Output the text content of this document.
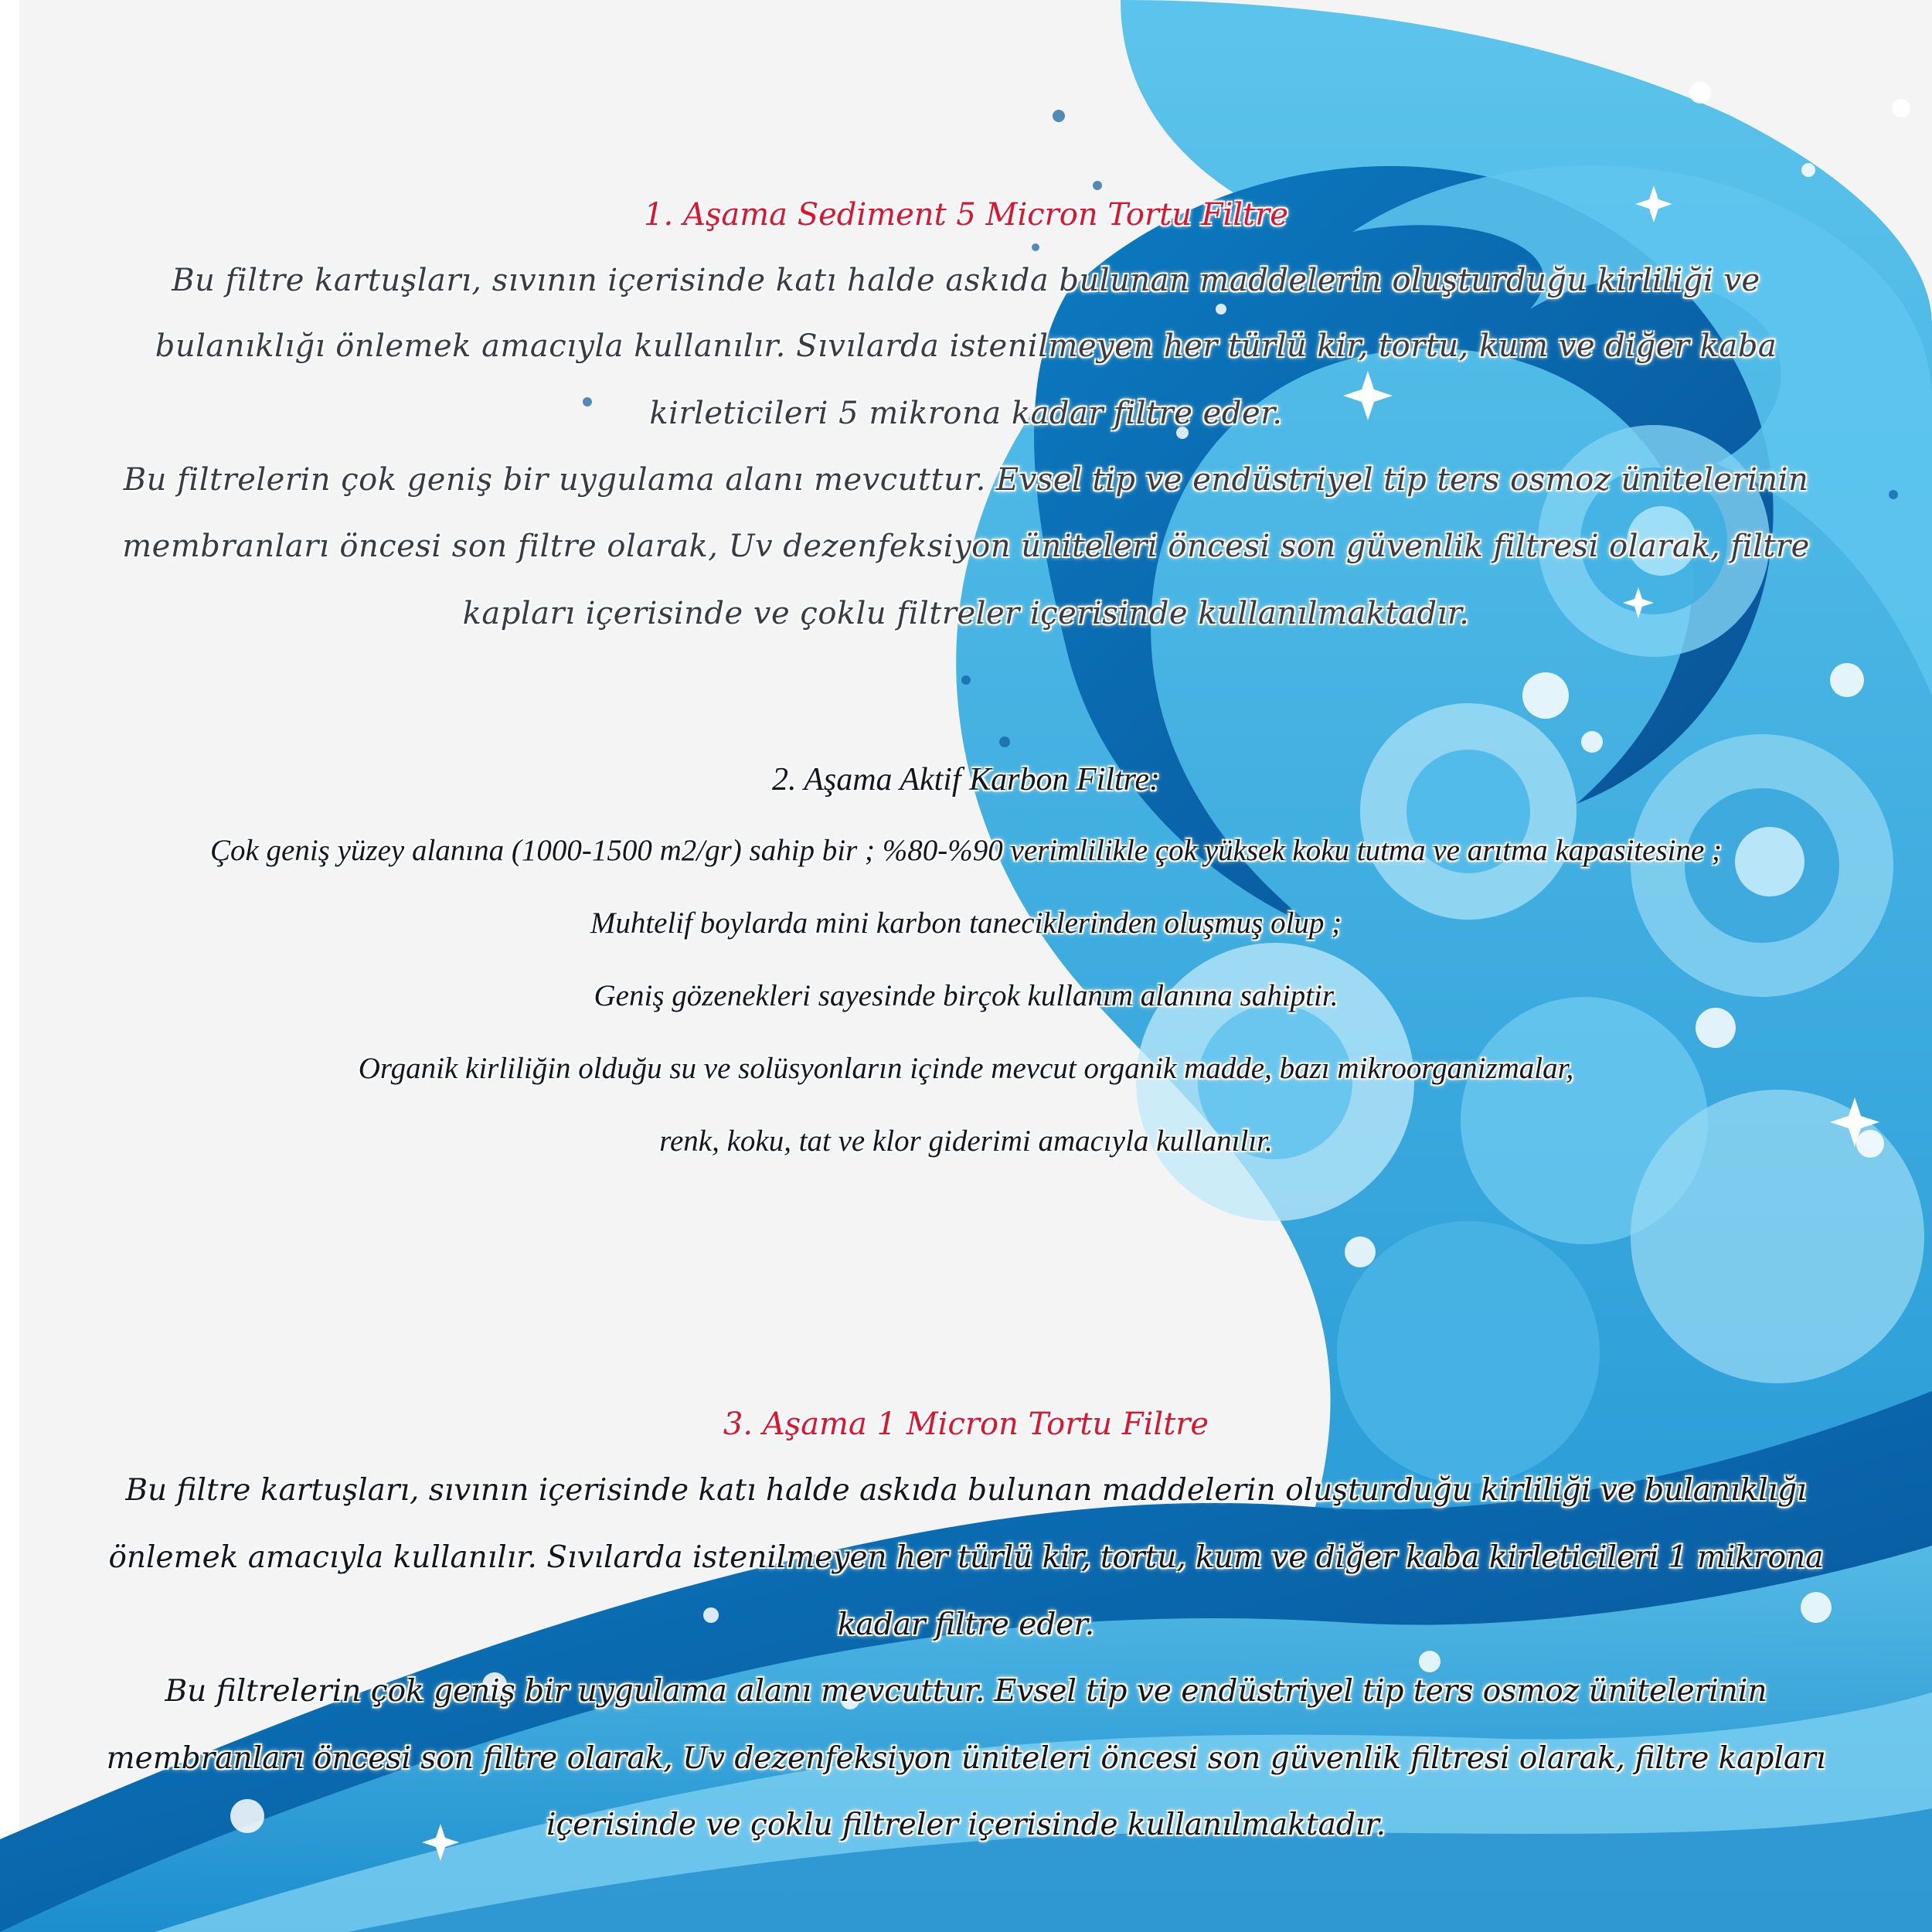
1. Aşama Sediment 5 Micron Tortu Filtre
Bu filtre kartuşları, sıvının içerisinde katı halde askıda bulunan maddelerin oluşturduğu kirliliği ve
bulanıklığı önlemek amacıyla kullanılır. Sıvılarda istenilmeyen her türlü kir, tortu, kum ve diğer kaba
kirleticileri 5 mikrona kadar filtre eder.
Bu filtrelerin çok geniş bir uygulama alanı mevcuttur. Evsel tip ve endüstriyel tip ters osmoz ünitelerinin
membranları öncesi son filtre olarak, Uv dezenfeksiyon üniteleri öncesi son güvenlik filtresi olarak, filtre
kapları içerisinde ve çoklu filtreler içerisinde kullanılmaktadır.
2. Aşama Aktif Karbon Filtre:
Çok geniş yüzey alanına (1000-1500 m2/gr) sahip bir ; %80-%90 verimlilikle çok yüksek koku tutma ve arıtma kapasitesine ;
Muhtelif boylarda mini karbon taneciklerinden oluşmuş olup ;
Geniş gözenekleri sayesinde birçok kullanım alanına sahiptir.
Organik kirliliğin olduğu su ve solüsyonların içinde mevcut organik madde, bazı mikroorganizmalar,
renk, koku, tat ve klor giderimi amacıyla kullanılır.
3. Aşama 1 Micron Tortu Filtre
Bu filtre kartuşları, sıvının içerisinde katı halde askıda bulunan maddelerin oluşturduğu kirliliği ve bulanıklığı
önlemek amacıyla kullanılır. Sıvılarda istenilmeyen her türlü kir, tortu, kum ve diğer kaba kirleticileri 1 mikrona
kadar filtre eder.
Bu filtrelerin çok geniş bir uygulama alanı mevcuttur. Evsel tip ve endüstriyel tip ters osmoz ünitelerinin
membranları öncesi son filtre olarak, Uv dezenfeksiyon üniteleri öncesi son güvenlik filtresi olarak, filtre kapları
içerisinde ve çoklu filtreler içerisinde kullanılmaktadır.
